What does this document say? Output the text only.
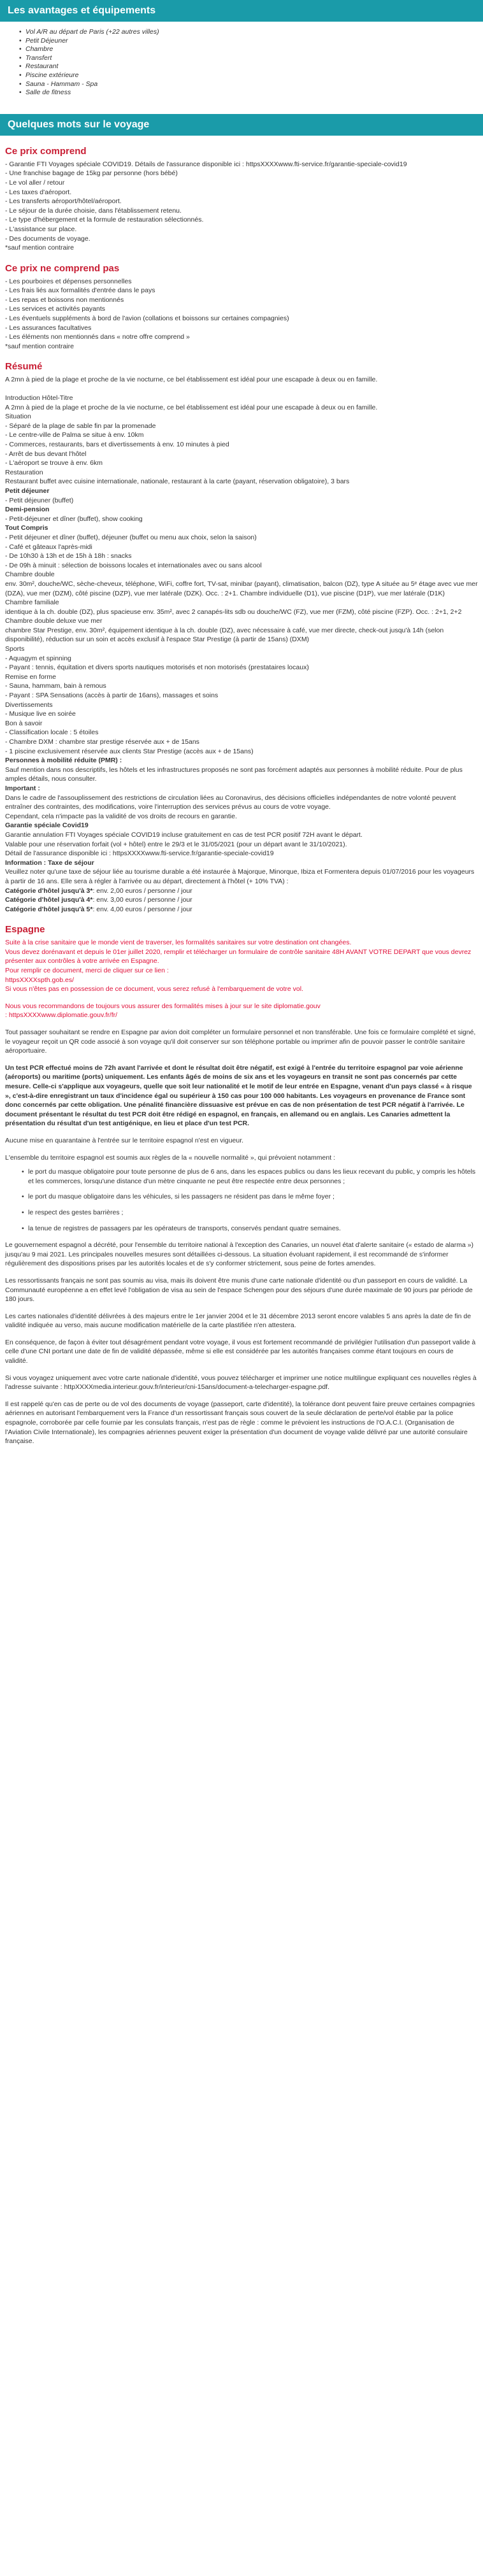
Les avantages et équipements
• Vol A/R au départ de Paris (+22 autres villes)
• Petit Déjeuner
• Chambre
• Transfert
• Restaurant
• Piscine extérieure
• Sauna - Hammam - Spa
• Salle de fitness
Quelques mots sur le voyage
Ce prix comprend
- Garantie FTI Voyages spéciale COVID19. Détails de l'assurance disponible ici : httpsXXXXwww.fti-service.fr/garantie-speciale-covid19
- Une franchise bagage de 15kg par personne (hors bébé)
- Le vol aller / retour
- Les taxes d'aéroport.
- Les transferts aéroport/hôtel/aéroport.
- Le séjour de la durée choisie, dans l'établissement retenu.
- Le type d'hébergement et la formule de restauration sélectionnés.
- L'assistance sur place.
- Des documents de voyage.
*sauf mention contraire
Ce prix ne comprend pas
- Les pourboires et dépenses personnelles
- Les frais liés aux formalités d'entrée dans le pays
- Les repas et boissons non mentionnés
- Les services et activités payants
- Les éventuels suppléments à bord de l'avion (collations et boissons sur certaines compagnies)
- Les assurances facultatives
- Les éléments non mentionnés dans « notre offre comprend »
*sauf mention contraire
Résumé
A 2mn à pied de la plage et proche de la vie nocturne, ce bel établissement est idéal pour une escapade à deux ou en famille.
Introduction Hôtel-Titre
A 2mn à pied de la plage et proche de la vie nocturne, ce bel établissement est idéal pour une escapade à deux ou en famille.
Situation
- Séparé de la plage de sable fin par la promenade
- Le centre-ville de Palma se situe à env. 10km
- Commerces, restaurants, bars et divertissements à env. 10 minutes à pied
- Arrêt de bus devant l'hôtel
- L'aéroport se trouve à env. 6km
Restauration
Restaurant buffet avec cuisine internationale, nationale, restaurant à la carte (payant, réservation obligatoire), 3 bars
Petit déjeuner
- Petit déjeuner (buffet)
Demi-pension
- Petit-déjeuner et dîner (buffet), show cooking
Tout Compris
- Petit déjeuner et dîner (buffet), déjeuner (buffet ou menu aux choix, selon la saison)
- Café et gâteaux l'après-midi
- De 10h30 à 13h et de 15h à 18h : snacks
- De 09h à minuit : sélection de boissons locales et internationales avec ou sans alcool
Chambre double
env. 30m², douche/WC, sèche-cheveux, téléphone, WiFi, coffre fort, TV-sat, minibar (payant), climatisation, balcon (DZ), type A située au 5ᵉ étage avec vue mer (DZA), vue mer (DZM), côté piscine (DZP), vue mer latérale (DZK). Occ. : 2+1. Chambre individuelle (D1), vue piscine (D1P), vue mer latérale (D1K)
Chambre familiale
identique à la ch. double (DZ), plus spacieuse env. 35m², avec 2 canapés-lits sdb ou douche/WC (FZ), vue mer (FZM), côté piscine (FZP). Occ. : 2+1, 2+2
Chambre double deluxe vue mer
chambre Star Prestige, env. 30m², équipement identique à la ch. double (DZ), avec nécessaire à café, vue mer directe, check-out jusqu'à 14h (selon disponibilité), réduction sur un soin et accès exclusif à l'espace Star Prestige (à partir de 15ans) (DXM)
Sports
- Aquagym et spinning
- Payant : tennis, équitation et divers sports nautiques motorisés et non motorisés (prestataires locaux)
Remise en forme
- Sauna, hammam, bain à remous
- Payant : SPA Sensations (accès à partir de 16ans), massages et soins
Divertissements
- Musique live en soirée
Bon à savoir
- Classification locale : 5 étoiles
- Chambre DXM : chambre star prestige réservée aux + de 15ans
- 1 piscine exclusivement réservée aux clients Star Prestige (accès aux + de 15ans)
Personnes à mobilité réduite (PMR) :
Sauf mention dans nos descriptifs, les hôtels et les infrastructures proposés ne sont pas forcément adaptés aux personnes à mobilité réduite. Pour de plus amples détails, nous consulter.
Important :
Dans le cadre de l'assouplissement des restrictions de circulation liées au Coronavirus, des décisions officielles indépendantes de notre volonté peuvent entraîner des contraintes, des modifications, voire l'interruption des services prévus au cours de votre voyage.
Cependant, cela n'impacte pas la validité de vos droits de recours en garantie.
Garantie spéciale Covid19
Garantie annulation FTI Voyages spéciale COVID19 incluse gratuitement en cas de test PCR positif 72H avant le départ.
Valable pour une réservation forfait (vol + hôtel) entre le 29/3 et le 31/05/2021 (pour un départ avant le 31/10/2021).
Détail de l'assurance disponible ici : httpsXXXXwww.fti-service.fr/garantie-speciale-covid19
Information : Taxe de séjour
Veuillez noter qu'une taxe de séjour liée au tourisme durable a été instaurée à Majorque, Minorque, Ibiza et Formentera depuis 01/07/2016 pour les voyageurs à partir de 16 ans. Elle sera à régler à l'arrivée ou au départ, directement à l'hôtel (+ 10% TVA) :
Catégorie d'hôtel jusqu'à 3*: env. 2,00 euros / personne / jour
Catégorie d'hôtel jusqu'à 4*: env. 3,00 euros / personne / jour
Catégorie d'hôtel jusqu'à 5*: env. 4,00 euros / personne / jour
Espagne
Suite à la crise sanitaire que le monde vient de traverser, les formalités sanitaires sur votre destination ont changées.
Vous devez dorénavant et depuis le 01er juillet 2020, remplir et télécharger un formulaire de contrôle sanitaire 48H AVANT VOTRE DEPART que vous devrez présenter aux contrôles à votre arrivée en Espagne.
Pour remplir ce document, merci de cliquer sur ce lien :
httpsXXXXspth.gob.es/
Si vous n'êtes pas en possession de ce document, vous serez refusé à l'embarquement de votre vol.
Nous vous recommandons de toujours vous assurer des formalités mises à jour sur le site diplomatie.gouv
: httpsXXXXwww.diplomatie.gouv.fr/fr/

Tout passager souhaitant se rendre en Espagne par avion doit compléter un formulaire personnel et non transférable. Une fois ce formulaire complété et signé, le voyageur reçoit un QR code associé à son voyage qu'il doit conserver sur son téléphone portable ou imprimer afin de pouvoir passer le contrôle sanitaire aéroportuaire.

Un test PCR effectué moins de 72h avant l'arrivée et dont le résultat doit être négatif, est exigé à l'entrée du territoire espagnol par voie aérienne (aéroports) ou maritime (ports) uniquement. Les enfants âgés de moins de six ans et les voyageurs en transit ne sont pas concernés par cette mesure. Celle-ci s'applique aux voyageurs, quelle que soit leur nationalité et le motif de leur entrée en Espagne, venant d'un pays classé « à risque », c'est-à-dire enregistrant un taux d'incidence égal ou supérieur à 150 cas pour 100 000 habitants. Les voyageurs en provenance de France sont donc concernés par cette obligation. Une pénalité financière dissuasive est prévue en cas de non présentation de test PCR négatif à l'arrivée. Le document présentant le résultat du test PCR doit être rédigé en espagnol, en français, en allemand ou en anglais. Les Canaries admettent la présentation du résultat d'un test antigénique, en lieu et place d'un test PCR.

Aucune mise en quarantaine à l'entrée sur le territoire espagnol n'est en vigueur.

L'ensemble du territoire espagnol est soumis aux règles de la « nouvelle normalité », qui prévoient notamment :

• le port du masque obligatoire pour toute personne de plus de 6 ans, dans les espaces publics ou dans les lieux recevant du public, y compris les hôtels et les commerces, lorsqu'une distance d'un mètre cinquante ne peut être respectée entre deux personnes ;
• le port du masque obligatoire dans les véhicules, si les passagers ne résident pas dans le même foyer ;
• le respect des gestes barrières ;
• la tenue de registres de passagers par les opérateurs de transports, conservés pendant quatre semaines.

Le gouvernement espagnol a décrété, pour l'ensemble du territoire national à l'exception des Canaries, un nouvel état d'alerte sanitaire (« estado de alarma ») jusqu'au 9 mai 2021. Les principales nouvelles mesures sont détaillées ci-dessous. La situation évoluant rapidement, il est recommandé de s'informer régulièrement des dispositions prises par les autorités locales et de s'y conformer strictement, sous peine de fortes amendes.

Les ressortissants français ne sont pas soumis au visa, mais ils doivent être munis d'une carte nationale d'identité ou d'un passeport en cours de validité. La Communauté européenne a en effet levé l'obligation de visa au sein de l'espace Schengen pour des séjours d'une durée maximale de 90 jours par période de 180 jours.

Les cartes nationales d'identité délivrées à des majeurs entre le 1er janvier 2004 et le 31 décembre 2013 seront encore valables 5 ans après la date de fin de validité indiquée au verso, mais aucune modification matérielle de la carte plastifiée n'en attestera.

En conséquence, de façon à éviter tout désagrément pendant votre voyage, il vous est fortement recommandé de privilégier l'utilisation d'un passeport valide à celle d'une CNI portant une date de fin de validité dépassée, même si elle est considérée par les autorités françaises comme étant toujours en cours de validité.

Si vous voyagez uniquement avec votre carte nationale d'identité, vous pouvez télécharger et imprimer une notice multilingue expliquant ces nouvelles règles à l'adresse suivante : httpXXXXmedia.interieur.gouv.fr/interieur/cni-15ans/document-a-telecharger-espagne.pdf.

Il est rappelé qu'en cas de perte ou de vol des documents de voyage (passeport, carte d'identité), la tolérance dont peuvent faire preuve certaines compagnies aériennes en autorisant l'embarquement vers la France d'un ressortissant français sous couvert de la seule déclaration de perte/vol établie par la police espagnole, corroborée par celle fournie par les consulats français, n'est pas de règle : comme le prévoient les instructions de l'O.A.C.I. (Organisation de l'Aviation Civile Internationale), les compagnies aériennes peuvent exiger la présentation d'un document de voyage valide délivré par une autorité consulaire française.
